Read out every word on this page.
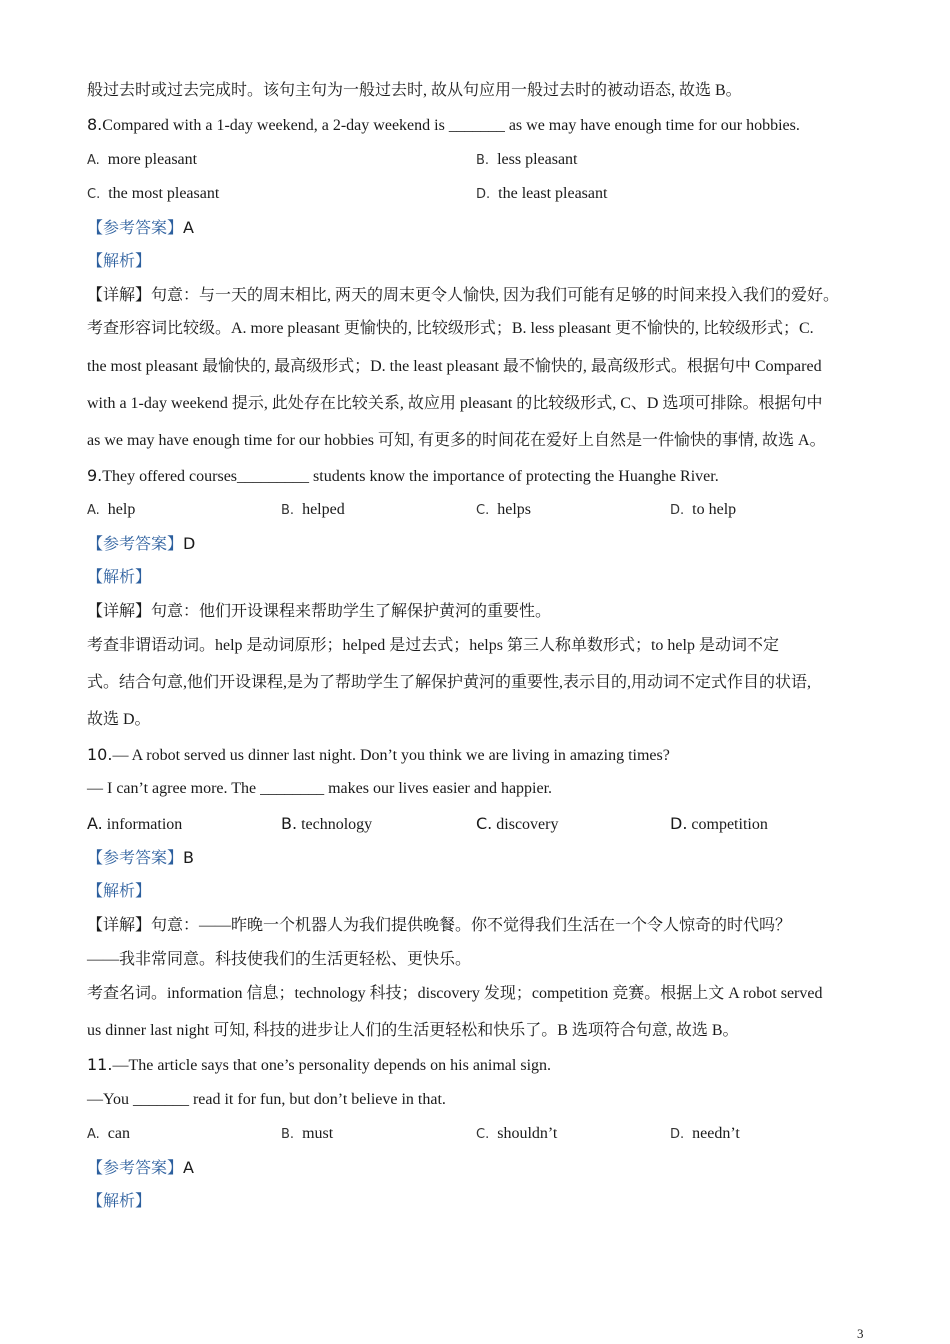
般过去时或过去完成时。该句主句为一般过去时, 故从句应用一般过去时的被动语态, 故选 B。
8.Compared with a 1-day weekend, a 2-day weekend is _______ as we may have enough time for our hobbies.
A. more pleasant	B. less pleasant
C. the most pleasant	D. the least pleasant
【参考答案】A
【解析】
【详解】句意：与一天的周末相比, 两天的周末更令人愉快, 因为我们可能有足够的时间来投入我们的爱好。
考查形容词比较级。A. more pleasant 更愉快的, 比较级形式；B. less pleasant 更不愉快的, 比较级形式；C.
the most pleasant 最愉快的, 最高级形式；D. the least pleasant 最不愉快的, 最高级形式。根据句中 Compared
with a 1-day weekend 提示, 此处存在比较关系, 故应用 pleasant 的比较级形式, C、D 选项可排除。根据句中
as we may have enough time for our hobbies 可知, 有更多的时间花在爱好上自然是一件愉快的事情, 故选 A。
9.They offered courses_________ students know the importance of protecting the Huanghe River.
A. help	B. helped	C. helps	D. to help
【参考答案】D
【解析】
【详解】句意：他们开设课程来帮助学生了解保护黄河的重要性。
考查非谓语动词。help 是动词原形；helped 是过去式；helps 第三人称单数形式；to help 是动词不定
式。结合句意,他们开设课程,是为了帮助学生了解保护黄河的重要性,表示目的,用动词不定式作目的状语,
故选 D。
10.— A robot served us dinner last night. Don’t you think we are living in amazing times?
— I can’t agree more. The ________ makes our lives easier and happier.
A. information	B. technology	C. discovery	D. competition
【参考答案】B
【解析】
【详解】句意：——昨晚一个机器人为我们提供晚餐。你不觉得我们生活在一个令人惊奇的时代吗？
——我非常同意。科技使我们的生活更轻松、更快乐。
考查名词。information 信息；technology 科技；discovery 发现；competition 竞赛。根据上文 A robot served
us dinner last night 可知, 科技的进步让人们的生活更轻松和快乐了。B 选项符合句意, 故选 B。
11.—The article says that one’s personality depends on his animal sign.
—You _______ read it for fun, but don’t believe in that.
A. can	B. must	C. shouldn’t	D. needn’t
【参考答案】A
【解析】
3
